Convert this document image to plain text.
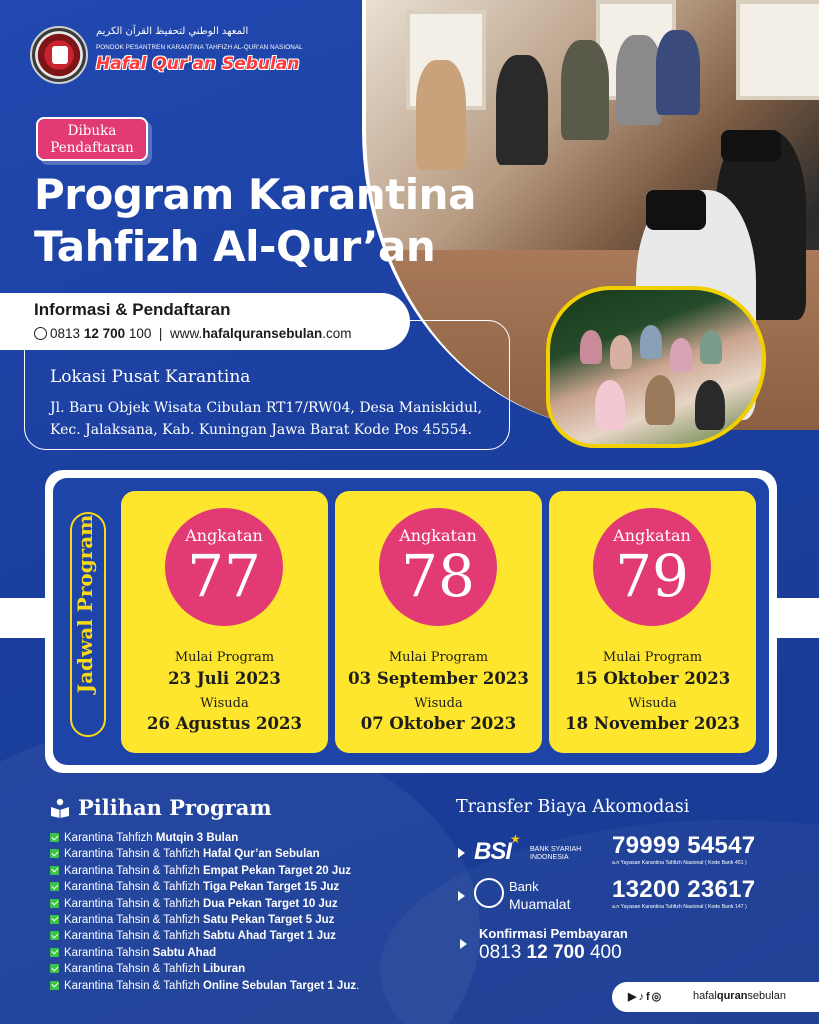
المعهد الوطني لتحفيظ القرآن الكريم
PONDOK PESANTREN KARANTINA TAHFIZH AL-QUR'AN NASIONAL
Hafal Qur'an Sebulan
Dibuka
Pendaftaran
Program Karantina
Tahfizh Al-Qur’an
Informasi & Pendaftaran
0813 12 700 100 | www.hafalquransebulan.com
Lokasi Pusat Karantina
Jl. Baru Objek Wisata Cibulan RT17/RW04, Desa Maniskidul,
Kec. Jalaksana, Kab. Kuningan Jawa Barat Kode Pos 45554.
Jadwal Program	Angkatan
77
Mulai Program
23 Juli 2023
Wisuda
26 Agustus 2023
Angkatan
78
Mulai Program
03 September 2023
Wisuda
07 Oktober 2023
Angkatan
79
Mulai Program
15 Oktober 2023
Wisuda
18 November 2023
Pilihan Program
Karantina Tahfizh Mutqin 3 Bulan
Karantina Tahsin & Tahfizh Hafal Qur’an Sebulan
Karantina Tahsin & Tahfizh Empat Pekan Target 20 Juz
Karantina Tahsin & Tahfizh Tiga Pekan Target 15 Juz
Karantina Tahsin & Tahfizh Dua Pekan Target 10 Juz
Karantina Tahsin & Tahfizh Satu Pekan Target 5 Juz
Karantina Tahsin & Tahfizh Sabtu Ahad Target 1 Juz
Karantina Tahsin Sabtu Ahad
Karantina Tahsin & Tahfizh Liburan
Karantina Tahsin & Tahfizh Online Sebulan Target 1 Juz.
Transfer Biaya Akomodasi
BSI
★
BANK SYARIAH
INDONESIA	79999 54547
a.n Yayasan Karantina Tahfizh Nasional ( Kode Bank 451 )
Bank
Muamalat
13200 23617
a.n Yayasan Karantina Tahfizh Nasional ( Kode Bank 147 )
Konfirmasi Pembayaran
0813 12 700 400
▶♪f◎	hafalquransebulan
